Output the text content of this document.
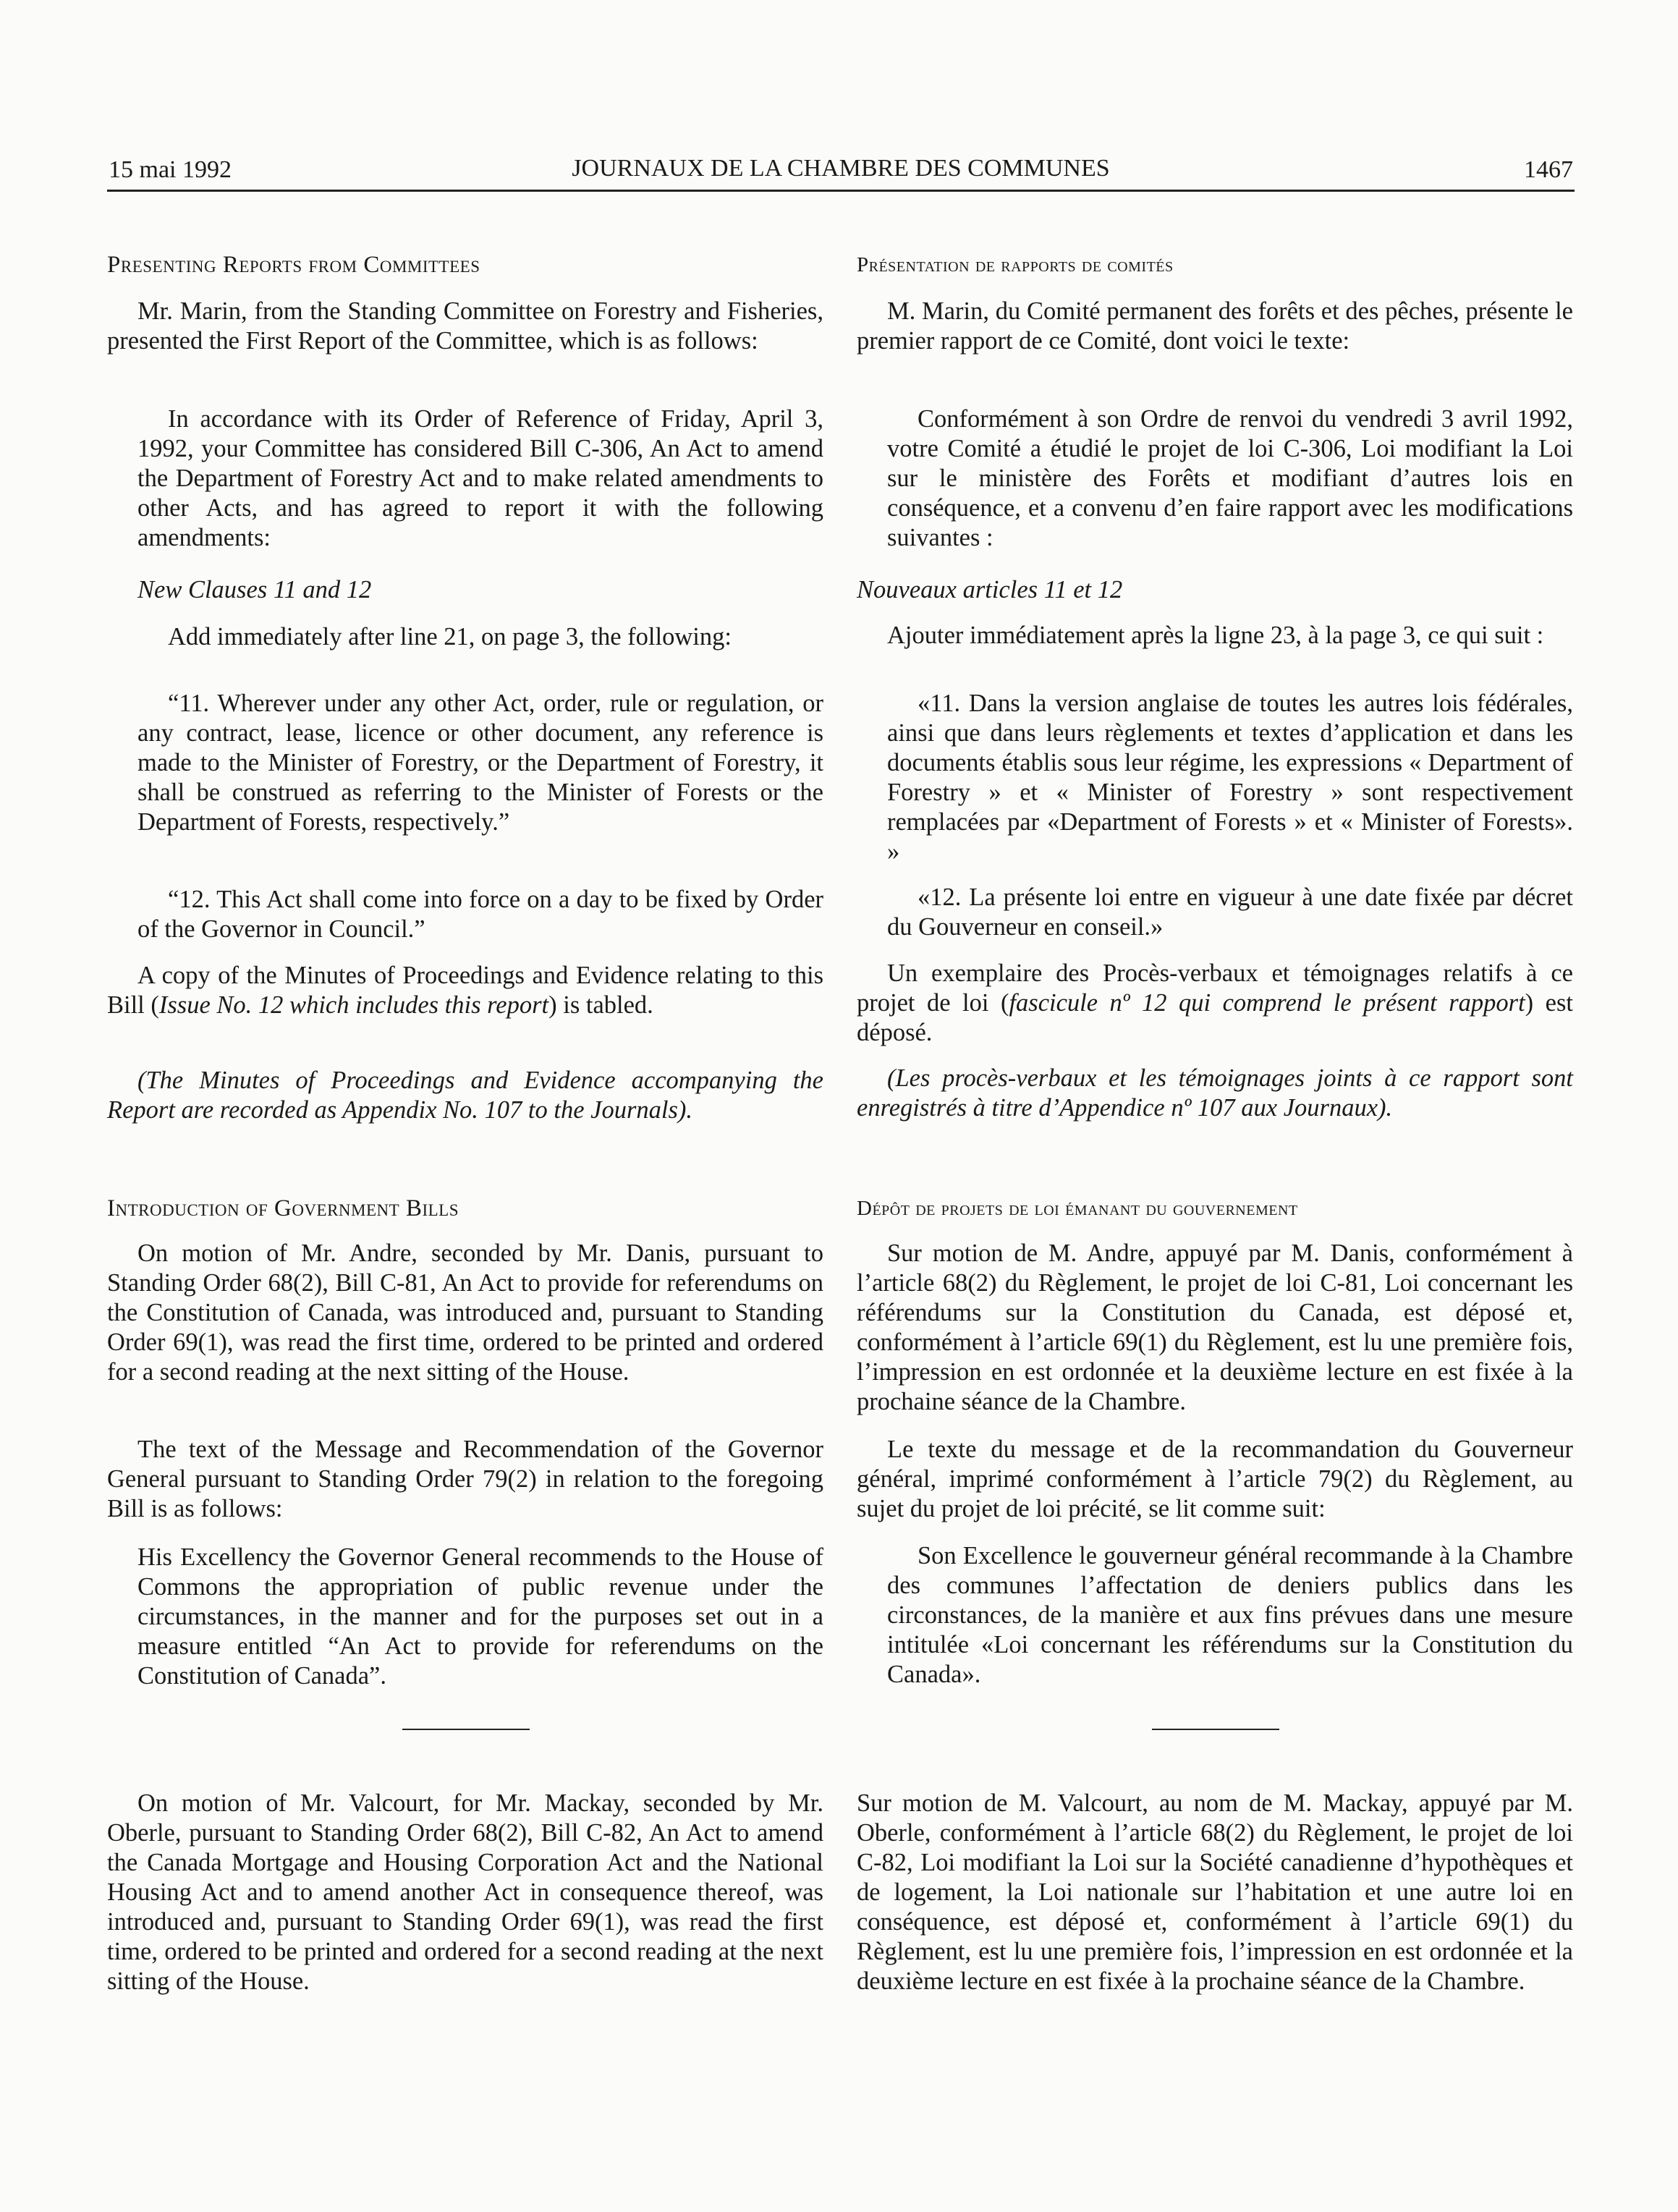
15 mai 1992	JOURNAUX DE LA CHAMBRE DES COMMUNES	1467
Presenting Reports from Committees

Mr. Marin, from the Standing Committee on Forestry and Fisheries, presented the First Report of the Committee, which is as follows:

In accordance with its Order of Reference of Friday, April 3, 1992, your Committee has considered Bill C-306, An Act to amend the Department of Forestry Act and to make related amendments to other Acts, and has agreed to report it with the following amendments:

New Clauses 11 and 12

Add immediately after line 21, on page 3, the following:

“11. Wherever under any other Act, order, rule or regulation, or any contract, lease, licence or other document, any reference is made to the Minister of Forestry, or the Department of Forestry, it shall be construed as referring to the Minister of Forests or the Department of Forests, respectively.”

“12. This Act shall come into force on a day to be fixed by Order of the Governor in Council.”

A copy of the Minutes of Proceedings and Evidence relating to this Bill (Issue No. 12 which includes this report) is tabled.

(The Minutes of Proceedings and Evidence accompanying the Report are recorded as Appendix No. 107 to the Journals).

Introduction of Government Bills

On motion of Mr. Andre, seconded by Mr. Danis, pursuant to Standing Order 68(2), Bill C-81, An Act to provide for referendums on the Constitution of Canada, was introduced and, pursuant to Standing Order 69(1), was read the first time, ordered to be printed and ordered for a second reading at the next sitting of the House.

The text of the Message and Recommendation of the Governor General pursuant to Standing Order 79(2) in relation to the foregoing Bill is as follows:

His Excellency the Governor General recommends to the House of Commons the appropriation of public revenue under the circumstances, in the manner and for the purposes set out in a measure entitled “An Act to provide for referendums on the Constitution of Canada”.

On motion of Mr. Valcourt, for Mr. Mackay, seconded by Mr. Oberle, pursuant to Standing Order 68(2), Bill C-82, An Act to amend the Canada Mortgage and Housing Corporation Act and the National Housing Act and to amend another Act in consequence thereof, was introduced and, pursuant to Standing Order 69(1), was read the first time, ordered to be printed and ordered for a second reading at the next sitting of the House.

Présentation de rapports de comités

M. Marin, du Comité permanent des forêts et des pêches, présente le premier rapport de ce Comité, dont voici le texte:

Conformément à son Ordre de renvoi du vendredi 3 avril 1992, votre Comité a étudié le projet de loi C-306, Loi modifiant la Loi sur le ministère des Forêts et modifiant d’autres lois en conséquence, et a convenu d’en faire rapport avec les modifications suivantes :

Nouveaux articles 11 et 12

Ajouter immédiatement après la ligne 23, à la page 3, ce qui suit :

«11. Dans la version anglaise de toutes les autres lois fédérales, ainsi que dans leurs règlements et textes d’application et dans les documents établis sous leur régime, les expressions « Department of Forestry » et « Minister of Forestry » sont respectivement remplacées par «Department of Forests » et « Minister of Forests». »

«12. La présente loi entre en vigueur à une date fixée par décret du Gouverneur en conseil.»

Un exemplaire des Procès-verbaux et témoignages relatifs à ce projet de loi (fascicule nº 12 qui comprend le présent rapport) est déposé.

(Les procès-verbaux et les témoignages joints à ce rapport sont enregistrés à titre d’Appendice nº 107 aux Journaux).

Dépôt de projets de loi émanant du gouvernement

Sur motion de M. Andre, appuyé par M. Danis, conformément à l’article 68(2) du Règlement, le projet de loi C-81, Loi concernant les référendums sur la Constitution du Canada, est déposé et, conformément à l’article 69(1) du Règlement, est lu une première fois, l’impression en est ordonnée et la deuxième lecture en est fixée à la prochaine séance de la Chambre.

Le texte du message et de la recommandation du Gouverneur général, imprimé conformément à l’article 79(2) du Règlement, au sujet du projet de loi précité, se lit comme suit:

Son Excellence le gouverneur général recommande à la Chambre des communes l’affectation de deniers publics dans les circonstances, de la manière et aux fins prévues dans une mesure intitulée «Loi concernant les référendums sur la Constitution du Canada».

Sur motion de M. Valcourt, au nom de M. Mackay, appuyé par M. Oberle, conformément à l’article 68(2) du Règlement, le projet de loi C-82, Loi modifiant la Loi sur la Société canadienne d’hypothèques et de logement, la Loi nationale sur l’habitation et une autre loi en conséquence, est déposé et, conformément à l’article 69(1) du Règlement, est lu une première fois, l’impression en est ordonnée et la deuxième lecture en est fixée à la prochaine séance de la Chambre.
